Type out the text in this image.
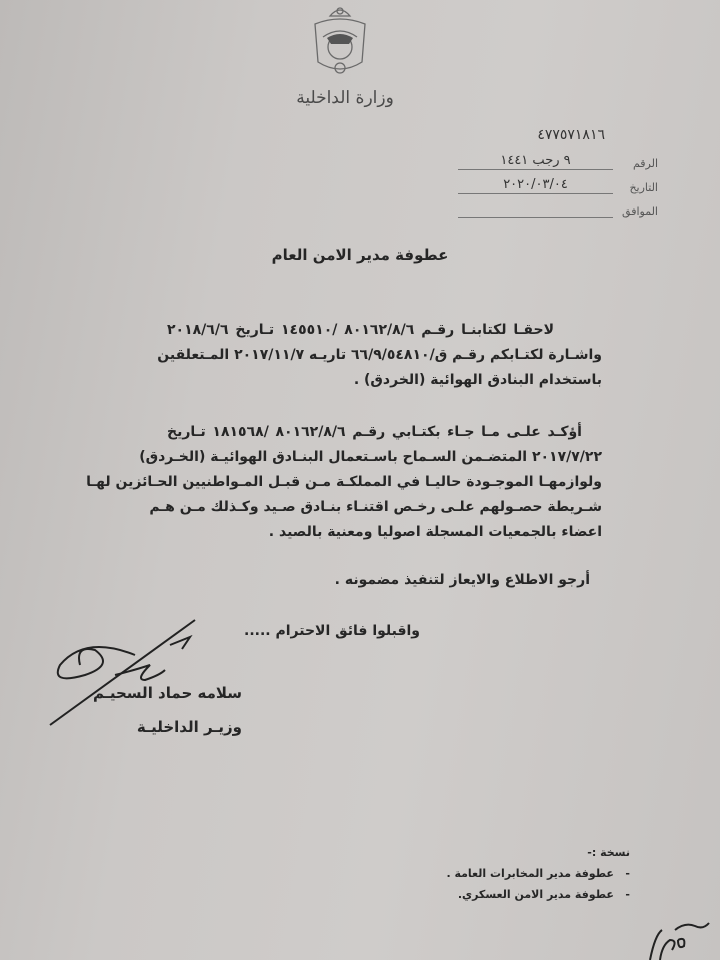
وزارة الداخلية
٤٧٧٥٧١٨١٦
الرقم
٩ رجب ١٤٤١
التاريخ
٢٠٢٠/٠٣/٠٤
الموافق
عطوفة مدير الامن العام
لاحقـا لكتابنـا رقـم ٨٠١٦٢/٨/٦ /١٤٥٥١٠ تـاريخ ٢٠١٨/٦/٦
واشـارة لكتـابكم رقـم ق/٦٦/٩/٥٤٨١٠ تاريـه ٢٠١٧/١١/٧ المـتعلقين
باستخدام البنادق الهوائية (الخردق) .
أؤكـد علـى مـا جـاء بكتـابي رقـم ٨٠١٦٢/٨/٦ /١٨١٥٦٨ تـاريخ
٢٠١٧/٧/٢٢ المتضـمن السـماح باسـتعمال البنـادق الهوائيـة (الخـردق)
ولوازمهـا الموجـودة حاليـا في المملكـة مـن قبـل المـواطنيين الحـائزين لهـا
شـريطة حصـولهم علـى رخـص اقتنـاء بنـادق صـيد وكـذلك مـن هـم
اعضاء بالجمعيات المسجلة اصوليا ومعنية بالصيد .
أرجو الاطلاع والايعاز لتنفيذ مضمونه .
واقبلوا فائق الاحترام .....
سلامه حماد السحيـم
وزيـر الداخليـة
نسخة :-
-   عطوفة مدير المخابرات العامة .
-   عطوفة مدير الامن العسكري.
